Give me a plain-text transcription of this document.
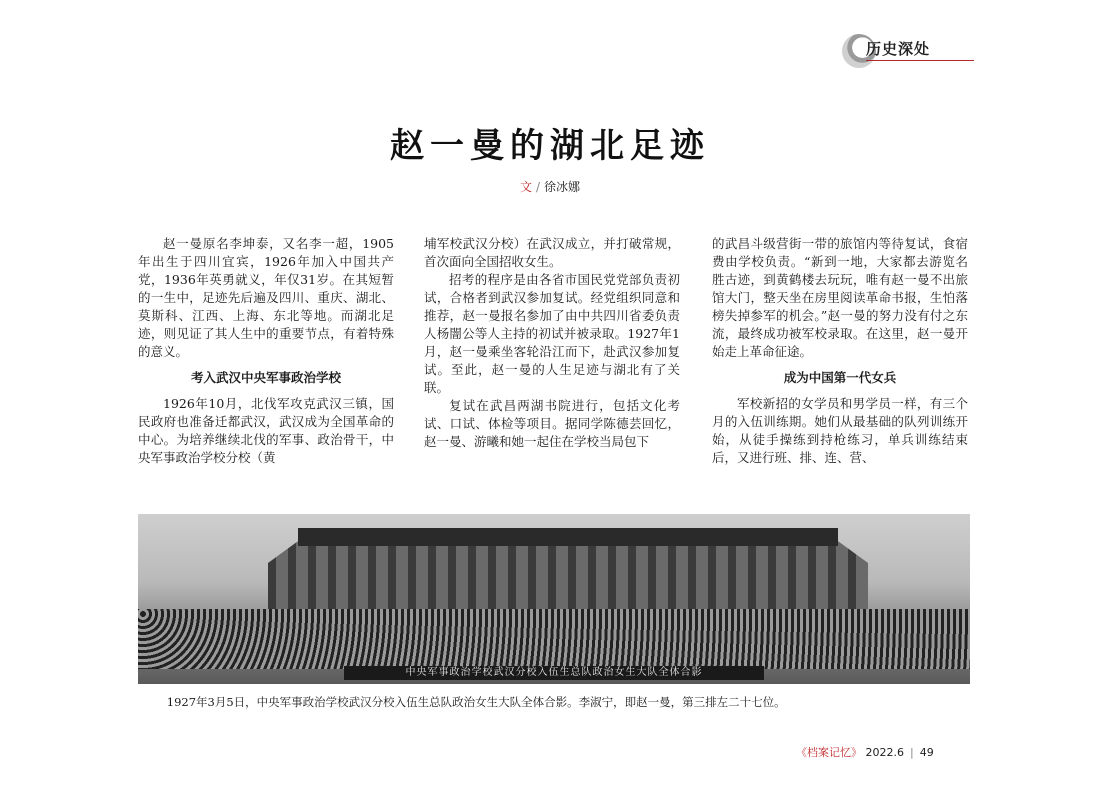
历史深处
赵一曼的湖北足迹
文 / 徐冰娜

赵一曼原名李坤泰，又名李一超，1905年出生于四川宜宾，1926年加入中国共产党，1936年英勇就义，年仅31岁。在其短暂的一生中，足迹先后遍及四川、重庆、湖北、莫斯科、江西、上海、东北等地。而湖北足迹，则见证了其人生中的重要节点，有着特殊的意义。

考入武汉中央军事政治学校

1926年10月，北伐军攻克武汉三镇，国民政府也准备迁都武汉，武汉成为全国革命的中心。为培养继续北伐的军事、政治骨干，中央军事政治学校分校（黄

埔军校武汉分校）在武汉成立，并打破常规，首次面向全国招收女生。

招考的程序是由各省市国民党党部负责初试，合格者到武汉参加复试。经党组织同意和推荐，赵一曼报名参加了由中共四川省委负责人杨闇公等人主持的初试并被录取。1927年1月，赵一曼乘坐客轮沿江而下，赴武汉参加复试。至此，赵一曼的人生足迹与湖北有了关联。

复试在武昌两湖书院进行，包括文化考试、口试、体检等项目。据同学陈德芸回忆，赵一曼、游曦和她一起住在学校当局包下

的武昌斗级营街一带的旅馆内等待复试，食宿费由学校负责。“新到一地，大家都去游览名胜古迹，到黄鹤楼去玩玩，唯有赵一曼不出旅馆大门，整天坐在房里阅读革命书报，生怕落榜失掉参军的机会。”赵一曼的努力没有付之东流，最终成功被军校录取。在这里，赵一曼开始走上革命征途。

成为中国第一代女兵

军校新招的女学员和男学员一样，有三个月的入伍训练期。她们从最基础的队列训练开始，从徒手操练到持枪练习，单兵训练结束后，又进行班、排、连、营、

中央军事政治学校武汉分校入伍生总队政治女生大队全体合影
1927年3月5日，中央军事政治学校武汉分校入伍生总队政治女生大队全体合影。李淑宁，即赵一曼，第三排左二十七位。
《档案记忆》 2022.6 | 49
